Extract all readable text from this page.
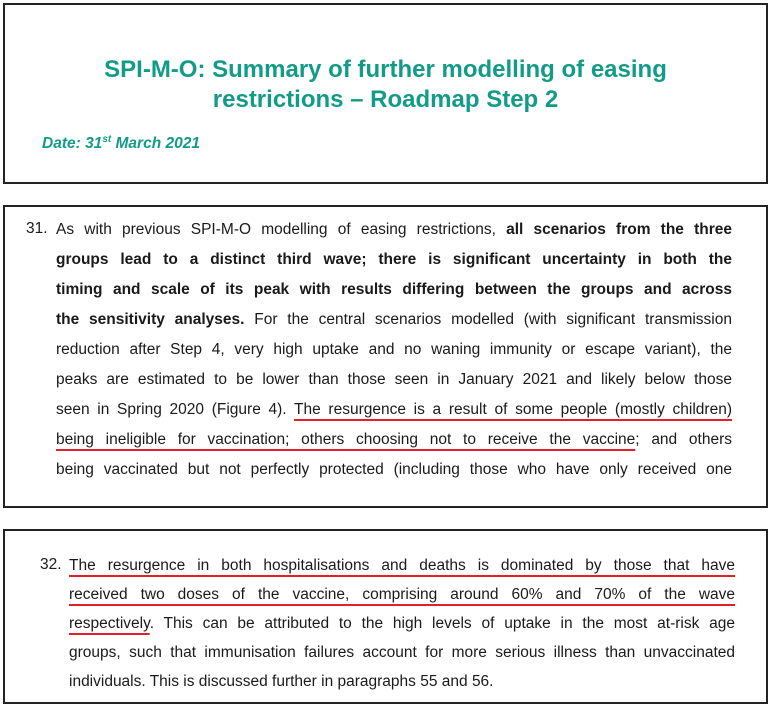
SPI-M-O: Summary of further modelling of easing
restrictions – Roadmap Step 2
Date: 31st March 2021
31. As with previous SPI-M-O modelling of easing restrictions, all scenarios from the three
groups lead to a distinct third wave; there is significant uncertainty in both the
timing and scale of its peak with results differing between the groups and across
the sensitivity analyses. For the central scenarios modelled (with significant transmission
reduction after Step 4, very high uptake and no waning immunity or escape variant), the
peaks are estimated to be lower than those seen in January 2021 and likely below those
seen in Spring 2020 (Figure 4). The resurgence is a result of some people (mostly children)
being ineligible for vaccination; others choosing not to receive the vaccine; and others
being vaccinated but not perfectly protected (including those who have only received one
32. The resurgence in both hospitalisations and deaths is dominated by those that have
received two doses of the vaccine, comprising around 60% and 70% of the wave
respectively. This can be attributed to the high levels of uptake in the most at-risk age
groups, such that immunisation failures account for more serious illness than unvaccinated
individuals. This is discussed further in paragraphs 55 and 56.
